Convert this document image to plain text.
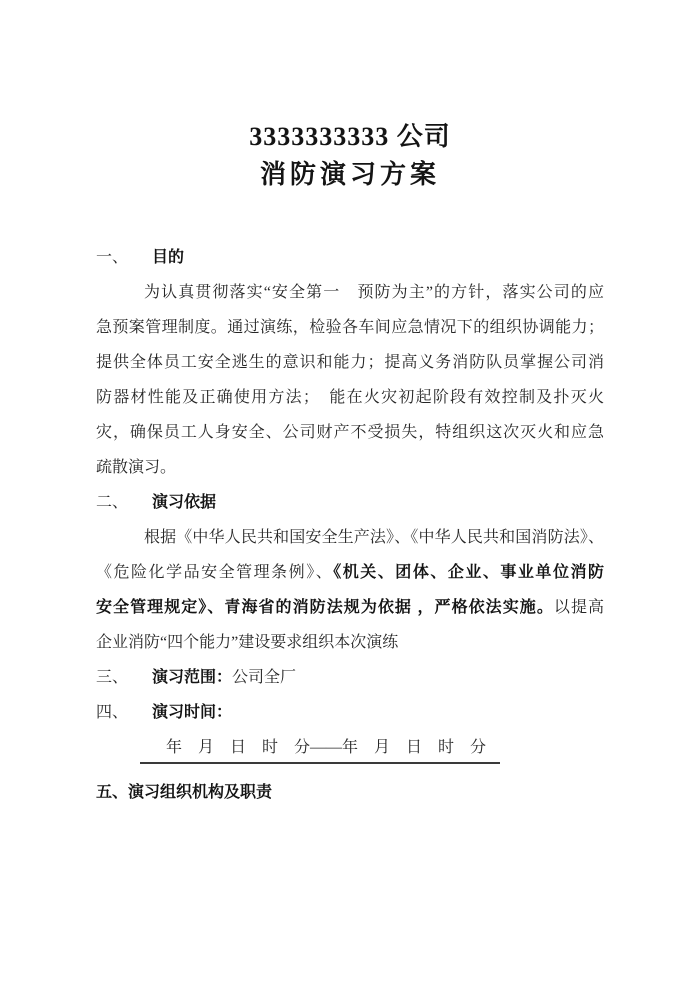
3333333333 公司
消防演习方案
一、 目的
为认真贯彻落实“安全第一　预防为主”的方针，落实公司的应
急预案管理制度。通过演练，检验各车间应急情况下的组织协调能力；
提供全体员工安全逃生的意识和能力；提高义务消防队员掌握公司消
防器材性能及正确使用方法；　能在火灾初起阶段有效控制及扑灭火
灾，确保员工人身安全、公司财产不受损失，特组织这次灭火和应急
疏散演习。
二、 演习依据
根据《中华人民共和国安全生产法》、《中华人民共和国消防法》、
《危险化学品安全管理条例》、《机关、团体、企业、事业单位消防
安全管理规定》、青海省的消防法规为依据 ，严格依法实施。以提高
企业消防“四个能力”建设要求组织本次演练
三、 演习范围：公司全厂
四、 演习时间：
年　月　日　时　分——年　月　日　时　分
五、演习组织机构及职责
